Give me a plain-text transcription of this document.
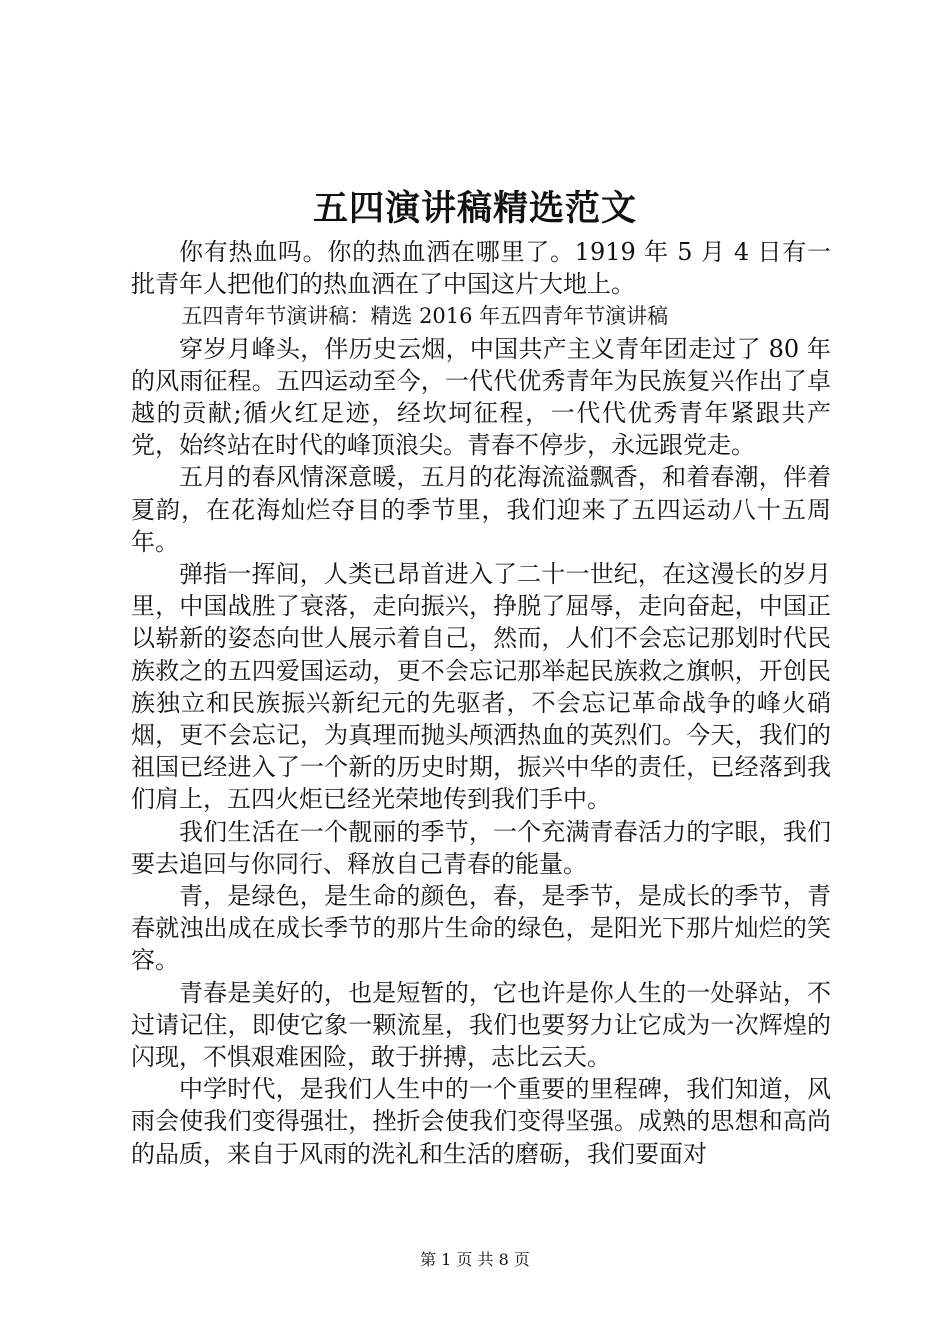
五四演讲稿精选范文

你有热血吗。你的热血洒在哪里了。1919 年 5 月 4 日有一批青年人把他们的热血洒在了中国这片大地上。

五四青年节演讲稿：精选 2016 年五四青年节演讲稿

穿岁月峰头，伴历史云烟，中国共产主义青年团走过了 80 年的风雨征程。五四运动至今，一代代优秀青年为民族复兴作出了卓越的贡献;循火红足迹，经坎坷征程，一代代优秀青年紧跟共产党，始终站在时代的峰顶浪尖。青春不停步，永远跟党走。

五月的春风情深意暖，五月的花海流溢飘香，和着春潮，伴着夏韵，在花海灿烂夺目的季节里，我们迎来了五四运动八十五周年。

弹指一挥间，人类已昂首进入了二十一世纪，在这漫长的岁月里，中国战胜了衰落，走向振兴，挣脱了屈辱，走向奋起，中国正以崭新的姿态向世人展示着自己，然而，人们不会忘记那划时代民族救之的五四爱国运动，更不会忘记那举起民族救之旗帜，开创民族独立和民族振兴新纪元的先驱者，不会忘记革命战争的峰火硝烟，更不会忘记，为真理而抛头颅洒热血的英烈们。今天，我们的祖国已经进入了一个新的历史时期，振兴中华的责任，已经落到我们肩上，五四火炬已经光荣地传到我们手中。

我们生活在一个靓丽的季节，一个充满青春活力的字眼，我们要去追回与你同行、释放自己青春的能量。

青，是绿色，是生命的颜色，春，是季节，是成长的季节，青春就浊出成在成长季节的那片生命的绿色，是阳光下那片灿烂的笑容。

青春是美好的，也是短暂的，它也许是你人生的一处驿站，不过请记住，即使它象一颗流星，我们也要努力让它成为一次辉煌的闪现，不惧艰难困险，敢于拼搏，志比云天。

中学时代，是我们人生中的一个重要的里程碑，我们知道，风雨会使我们变得强壮，挫折会使我们变得坚强。成熟的思想和高尚的品质，来自于风雨的洗礼和生活的磨砺，我们要面对

第 1 页 共 8 页
